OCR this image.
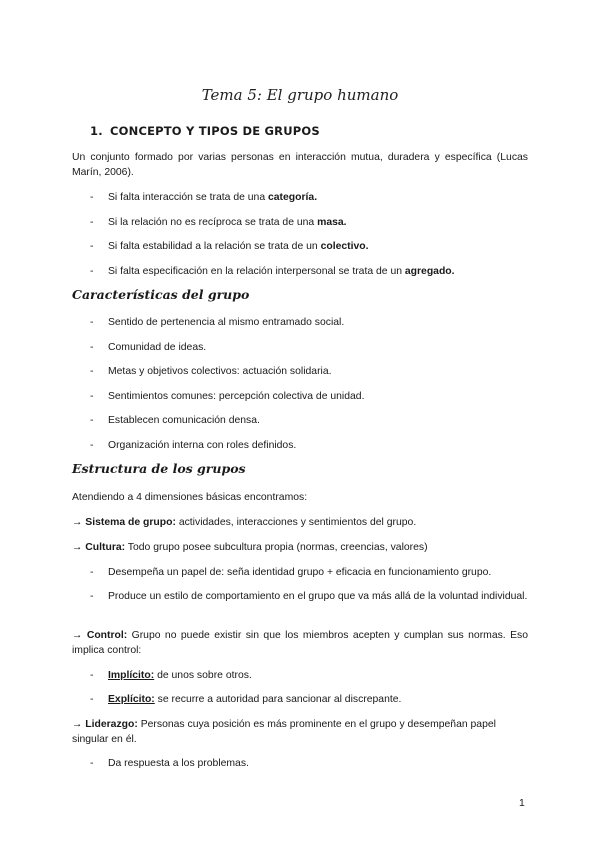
Tema 5: El grupo humano
1. CONCEPTO Y TIPOS DE GRUPOS
Un conjunto formado por varias personas en interacción mutua, duradera y específica (Lucas Marín, 2006).
- Si falta interacción se trata de una categoría.
- Si la relación no es recíproca se trata de una masa.
- Si falta estabilidad a la relación se trata de un colectivo.
- Si falta especificación en la relación interpersonal se trata de un agregado.
Características del grupo
- Sentido de pertenencia al mismo entramado social.
- Comunidad de ideas.
- Metas y objetivos colectivos: actuación solidaria.
- Sentimientos comunes: percepción colectiva de unidad.
- Establecen comunicación densa.
- Organización interna con roles definidos.
Estructura de los grupos
Atendiendo a 4 dimensiones básicas encontramos:
→ Sistema de grupo: actividades, interacciones y sentimientos del grupo.
→ Cultura: Todo grupo posee subcultura propia (normas, creencias, valores)
- Desempeña un papel de: seña identidad grupo + eficacia en funcionamiento grupo.
- Produce un estilo de comportamiento en el grupo que va más allá de la voluntad individual.
→ Control: Grupo no puede existir sin que los miembros acepten y cumplan sus normas. Eso implica control:
- Implícito: de unos sobre otros.
- Explícito: se recurre a autoridad para sancionar al discrepante.
→ Liderazgo: Personas cuya posición es más prominente en el grupo y desempeñan papel singular en él.
- Da respuesta a los problemas.
1
